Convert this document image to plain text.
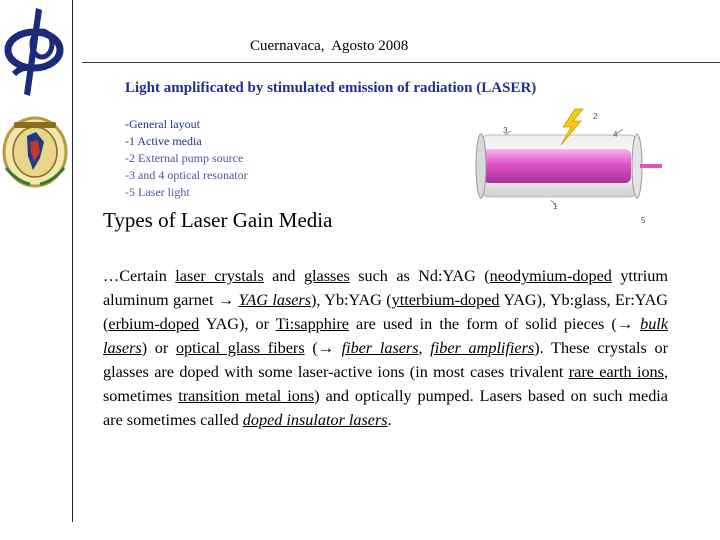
Cuernavaca,  Agosto 2008
Light amplificated by stimulated emission of radiation (LASER)
-General layout
-1 Active media
-2 External pump source
-3 and 4 optical resonator
-5 Laser light
1
2
3	4
5
Types of Laser Gain Media
…Certain laser crystals and glasses such as Nd:YAG (neodymium-doped yttrium aluminum garnet → YAG lasers), Yb:YAG (ytterbium-doped YAG), Yb:glass, Er:YAG (erbium-doped YAG), or Ti:sapphire are used in the form of solid pieces (→ bulk lasers) or optical glass fibers (→ fiber lasers, fiber amplifiers). These crystals or glasses are doped with some laser-active ions (in most cases trivalent rare earth ions, sometimes transition metal ions) and optically pumped. Lasers based on such media are sometimes called doped insulator lasers.
